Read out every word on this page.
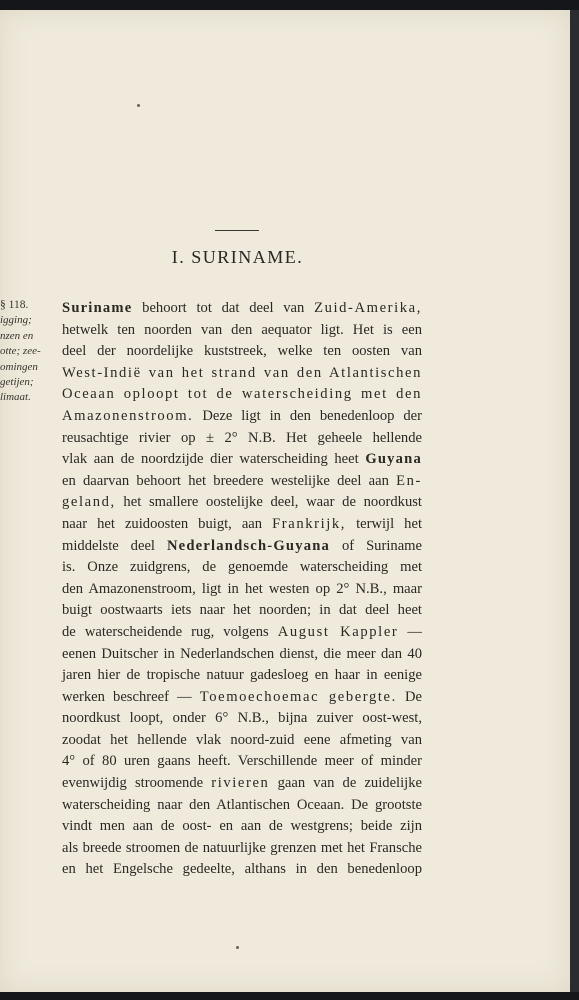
I. SURINAME.
§ 118.
igging;
nzen en
otte; zee-
omingen
getijen;
limaat.
Suriname behoort tot dat deel van Zuid-Amerika,
hetwelk ten noorden van den aequator ligt. Het is een
deel der noordelijke kuststreek, welke ten oosten van
West-Indië van het strand van den Atlantischen
Oceaan oploopt tot de waterscheiding met den
Amazonenstroom. Deze ligt in den benedenloop der
reusachtige rivier op ± 2° N.B. Het geheele hellende
vlak aan de noordzijde dier waterscheiding heet Guyana
en daarvan behoort het breedere westelijke deel aan En-
geland, het smallere oostelijke deel, waar de noordkust
naar het zuidoosten buigt, aan Frankrijk, terwijl het
middelste deel Nederlandsch-Guyana of Suriname
is. Onze zuidgrens, de genoemde waterscheiding met
den Amazonenstroom, ligt in het westen op 2° N.B., maar
buigt oostwaarts iets naar het noorden; in dat deel heet
de waterscheidende rug, volgens August Kappler —
eenen Duitscher in Nederlandschen dienst, die meer dan 40
jaren hier de tropische natuur gadesloeg en haar in eenige
werken beschreef — Toemoechoemac gebergte. De
noordkust loopt, onder 6° N.B., bijna zuiver oost-west,
zoodat het hellende vlak noord-zuid eene afmeting van
4° of 80 uren gaans heeft. Verschillende meer of minder
evenwijdig stroomende rivieren gaan van de zuidelijke
waterscheiding naar den Atlantischen Oceaan. De grootste
vindt men aan de oost- en aan de westgrens; beide zijn
als breede stroomen de natuurlijke grenzen met het Fransche
en het Engelsche gedeelte, althans in den benedenloop
